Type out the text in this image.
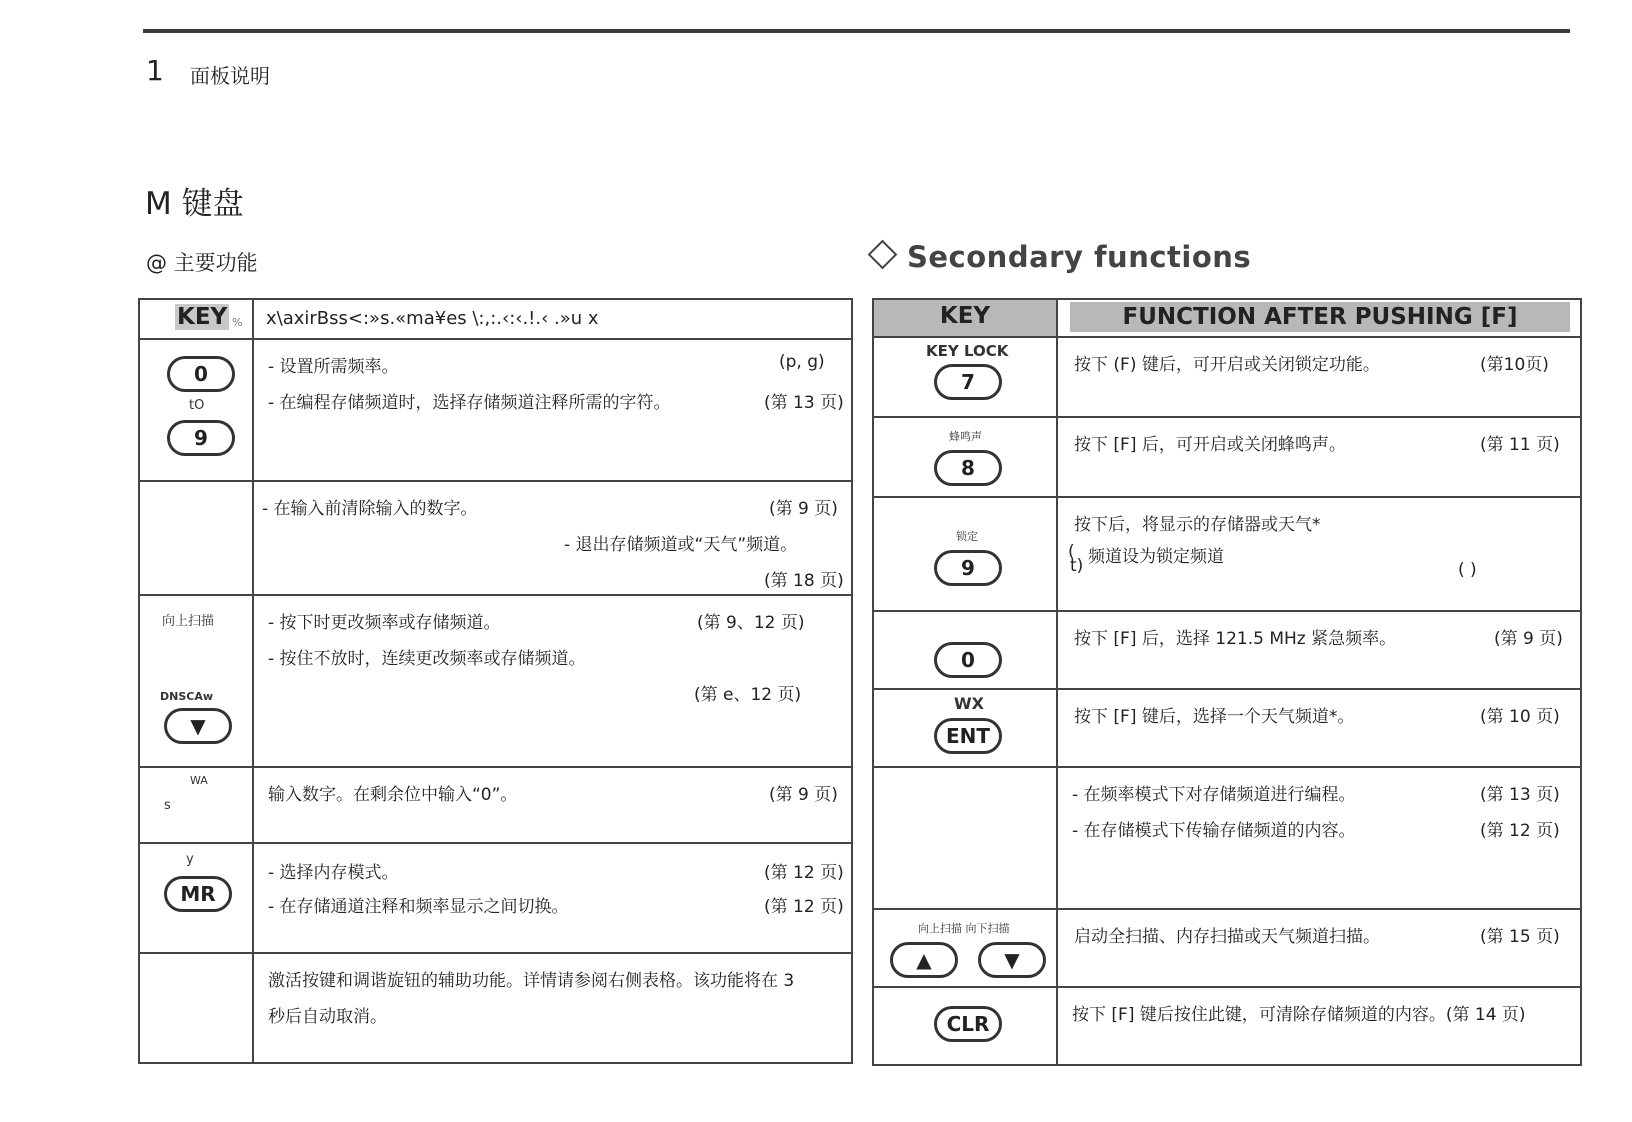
1 面板说明
M 键盘
@ 主要功能	Secondary functions
KEY %	x\axirBss<:»s.«ma¥es \:,:.‹:‹.!.‹ .»u x

0
tO
9	- 设置所需频率。 (p, g)
- 在编程存储频道时，选择存储频道注释所需的字符。 (第 13 页)

	- 在输入前清除输入的数字。 (第 9 页)
- 退出存储频道或“天气”频道。
(第 18 页)

向上扫描
DNSCAw
▼	- 按下时更改频率或存储频道。 (第 9、12 页)
- 按住不放时，连续更改频率或存储频道。
(第 e、12 页)

WA
s	输入数字。在剩余位中输入“0”。 (第 9 页)

y
MR	- 选择内存模式。 (第 12 页)
- 在存储通道注释和频率显示之间切换。 (第 12 页)

	激活按键和调谐旋钮的辅助功能。详情请参阅右侧表格。该功能将在 3
秒后自动取消。
KEY	FUNCTION AFTER PUSHING [F]

KEY LOCK
7	按下 (F) 键后，可开启或关闭锁定功能。 (第10页)

蜂鸣声
8	按下 [F] 后，可开启或关闭蜂鸣声。 (第 11 页)

锁定
9	按下后，将显示的存储器或天气*
(
t) 频道设为锁定频道
( )

0	按下 [F] 后，选择 121.5 MHz 紧急频率。 (第 9 页)

WX
ENT	按下 [F] 键后，选择一个天气频道*。 (第 10 页)

	- 在频率模式下对存储频道进行编程。 (第 13 页)
- 在存储模式下传输存储频道的内容。 (第 12 页)

向上扫描 向下扫描
▲ ▼	启动全扫描、内存扫描或天气频道扫描。 (第 15 页)

CLR	按下 [F] 键后按住此键，可清除存储频道的内容。(第 14 页)
